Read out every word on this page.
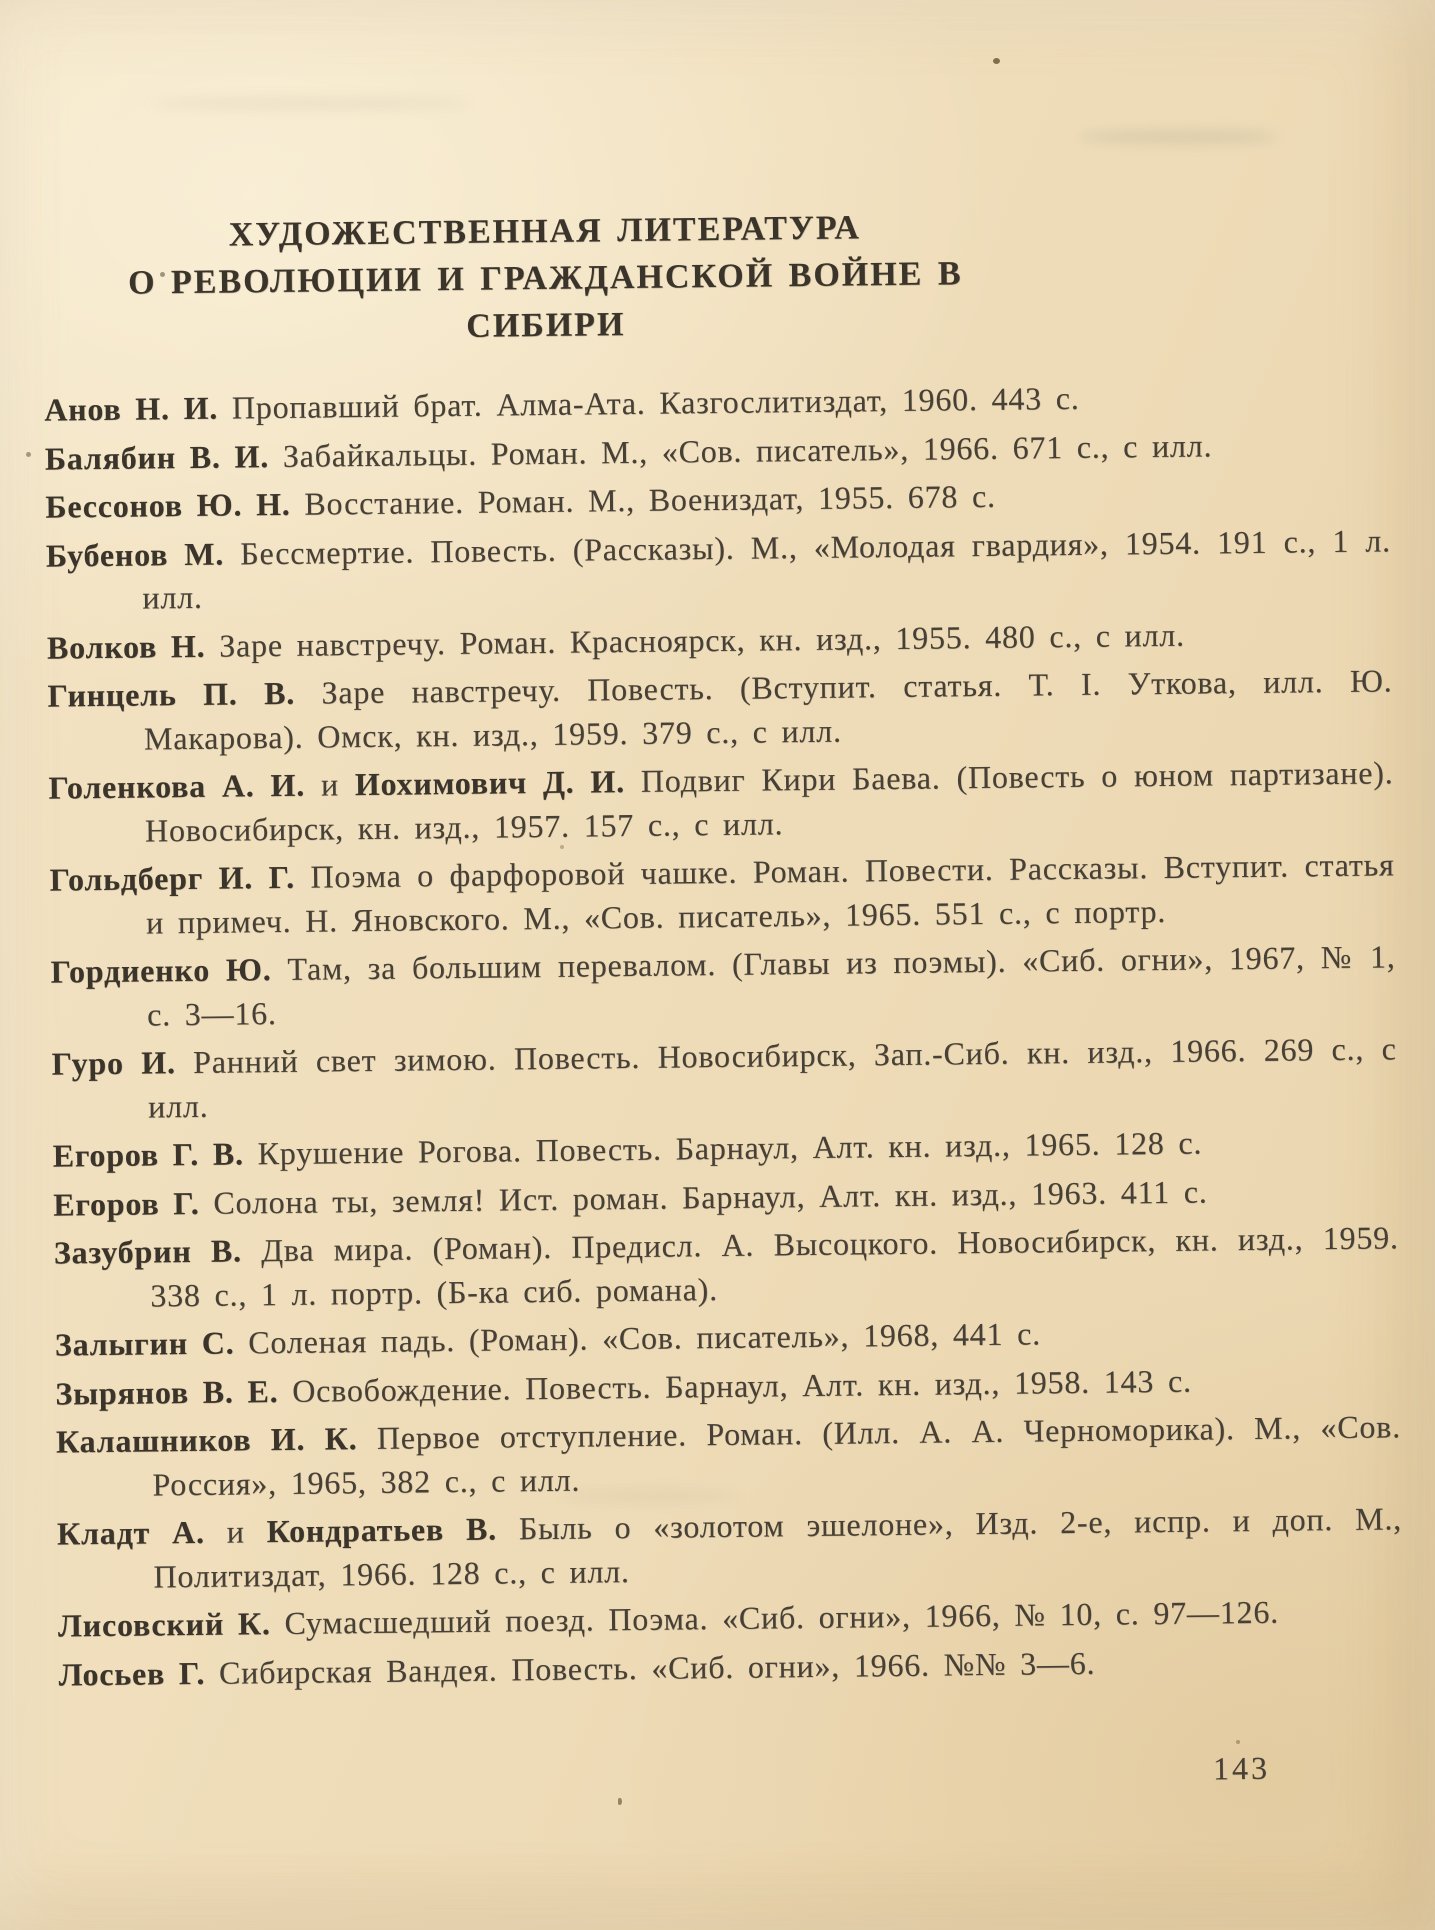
ХУДОЖЕСТВЕННАЯ ЛИТЕРАТУРА
О РЕВОЛЮЦИИ И ГРАЖДАНСКОЙ ВОЙНЕ В СИБИРИ

Анов Н. И. Пропавший брат. Алма-Ата. Казгослитиздат, 1960. 443 с.

Балябин В. И. Забайкальцы. Роман. М., «Сов. писатель», 1966. 671 с., с илл.

Бессонов Ю. Н. Восстание. Роман. М., Воениздат, 1955. 678 с.

Бубенов М. Бессмертие. Повесть. (Рассказы). М., «Молодая гвардия», 1954. 191 с., 1 л. илл.

Волков Н. Заре навстречу. Роман. Красноярск, кн. изд., 1955. 480 с., с илл.

Гинцель П. В. Заре навстречу. Повесть. (Вступит. статья. Т. I. Уткова, илл. Ю. Макарова). Омск, кн. изд., 1959. 379 с., с илл.

Голенкова А. И. и Иохимович Д. И. Подвиг Кири Баева. (Повесть о юном партизане). Новосибирск, кн. изд., 1957. 157 с., с илл.

Гольдберг И. Г. Поэма о фарфоровой чашке. Роман. Повести. Рассказы. Вступит. статья и примеч. Н. Яновского. М., «Сов. писатель», 1965. 551 с., с портр.

Гордиенко Ю. Там, за большим перевалом. (Главы из поэмы). «Сиб. огни», 1967, № 1, с. 3—16.

Гуро И. Ранний свет зимою. Повесть. Новосибирск, Зап.-Сиб. кн. изд., 1966. 269 с., с илл.

Егоров Г. В. Крушение Рогова. Повесть. Барнаул, Алт. кн. изд., 1965. 128 с.

Егоров Г. Солона ты, земля! Ист. роман. Барнаул, Алт. кн. изд., 1963. 411 с.

Зазубрин В. Два мира. (Роман). Предисл. А. Высоцкого. Новосибирск, кн. изд., 1959. 338 с., 1 л. портр. (Б-ка сиб. романа).

Залыгин С. Соленая падь. (Роман). «Сов. писатель», 1968, 441 с.

Зырянов В. Е. Освобождение. Повесть. Барнаул, Алт. кн. изд., 1958. 143 с.

Калашников И. К. Первое отступление. Роман. (Илл. А. А. Черноморика). М., «Сов. Россия», 1965, 382 с., с илл.

Кладт А. и Кондратьев В. Быль о «золотом эшелоне», Изд. 2-е, испр. и доп. М., Политиздат, 1966. 128 с., с илл.

Лисовский К. Сумасшедший поезд. Поэма. «Сиб. огни», 1966, № 10, с. 97—126.

Лосьев Г. Сибирская Вандея. Повесть. «Сиб. огни», 1966. №№ 3—6.

143
